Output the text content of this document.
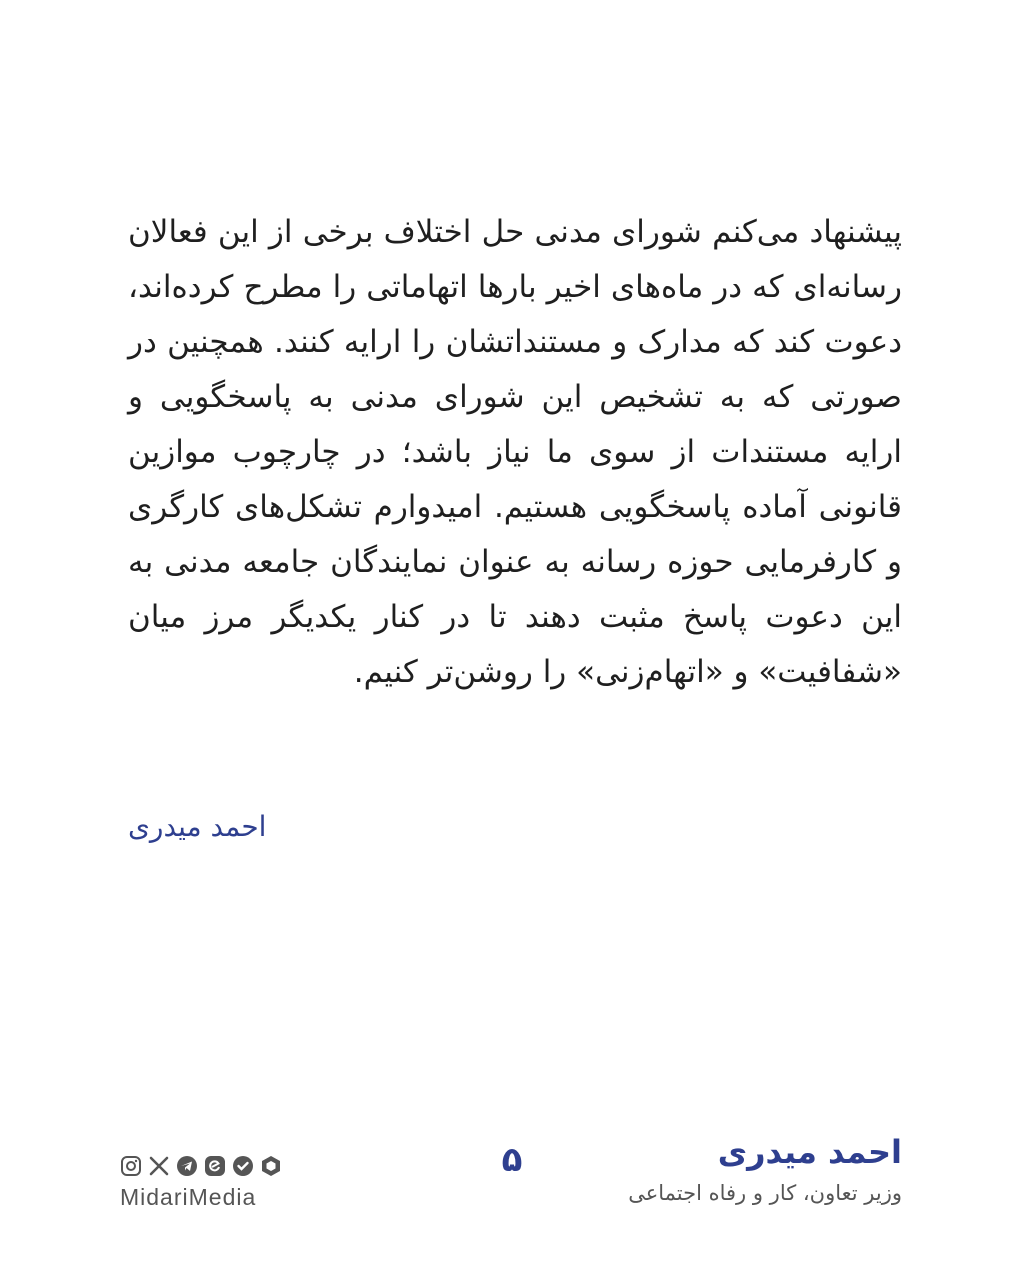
پیشنهاد می‌کنم شورای مدنی حل اختلاف برخی از این فعالان رسانه‌ای که در ماه‌های اخیر بارها اتهاماتی را مطرح کرده‌اند، دعوت کند که مدارک و مستنداتشان را ارایه کنند. همچنین در صورتی که به تشخیص این شورای مدنی به پاسخگویی و ارایه مستندات از سوی ما نیاز باشد؛ در چارچوب موازین قانونی آماده پاسخگویی هستیم. امیدوارم تشکل‌های کارگری و کارفرمایی حوزه رسانه به عنوان نمایندگان جامعه مدنی به این دعوت پاسخ مثبت دهند تا در کنار یکدیگر مرز میان «شفافیت» و «اتهام‌زنی» را روشن‌تر کنیم.

احمد میدری

MidariMedia
۵	احمد میدری
وزیر تعاون، کار و رفاه اجتماعی
